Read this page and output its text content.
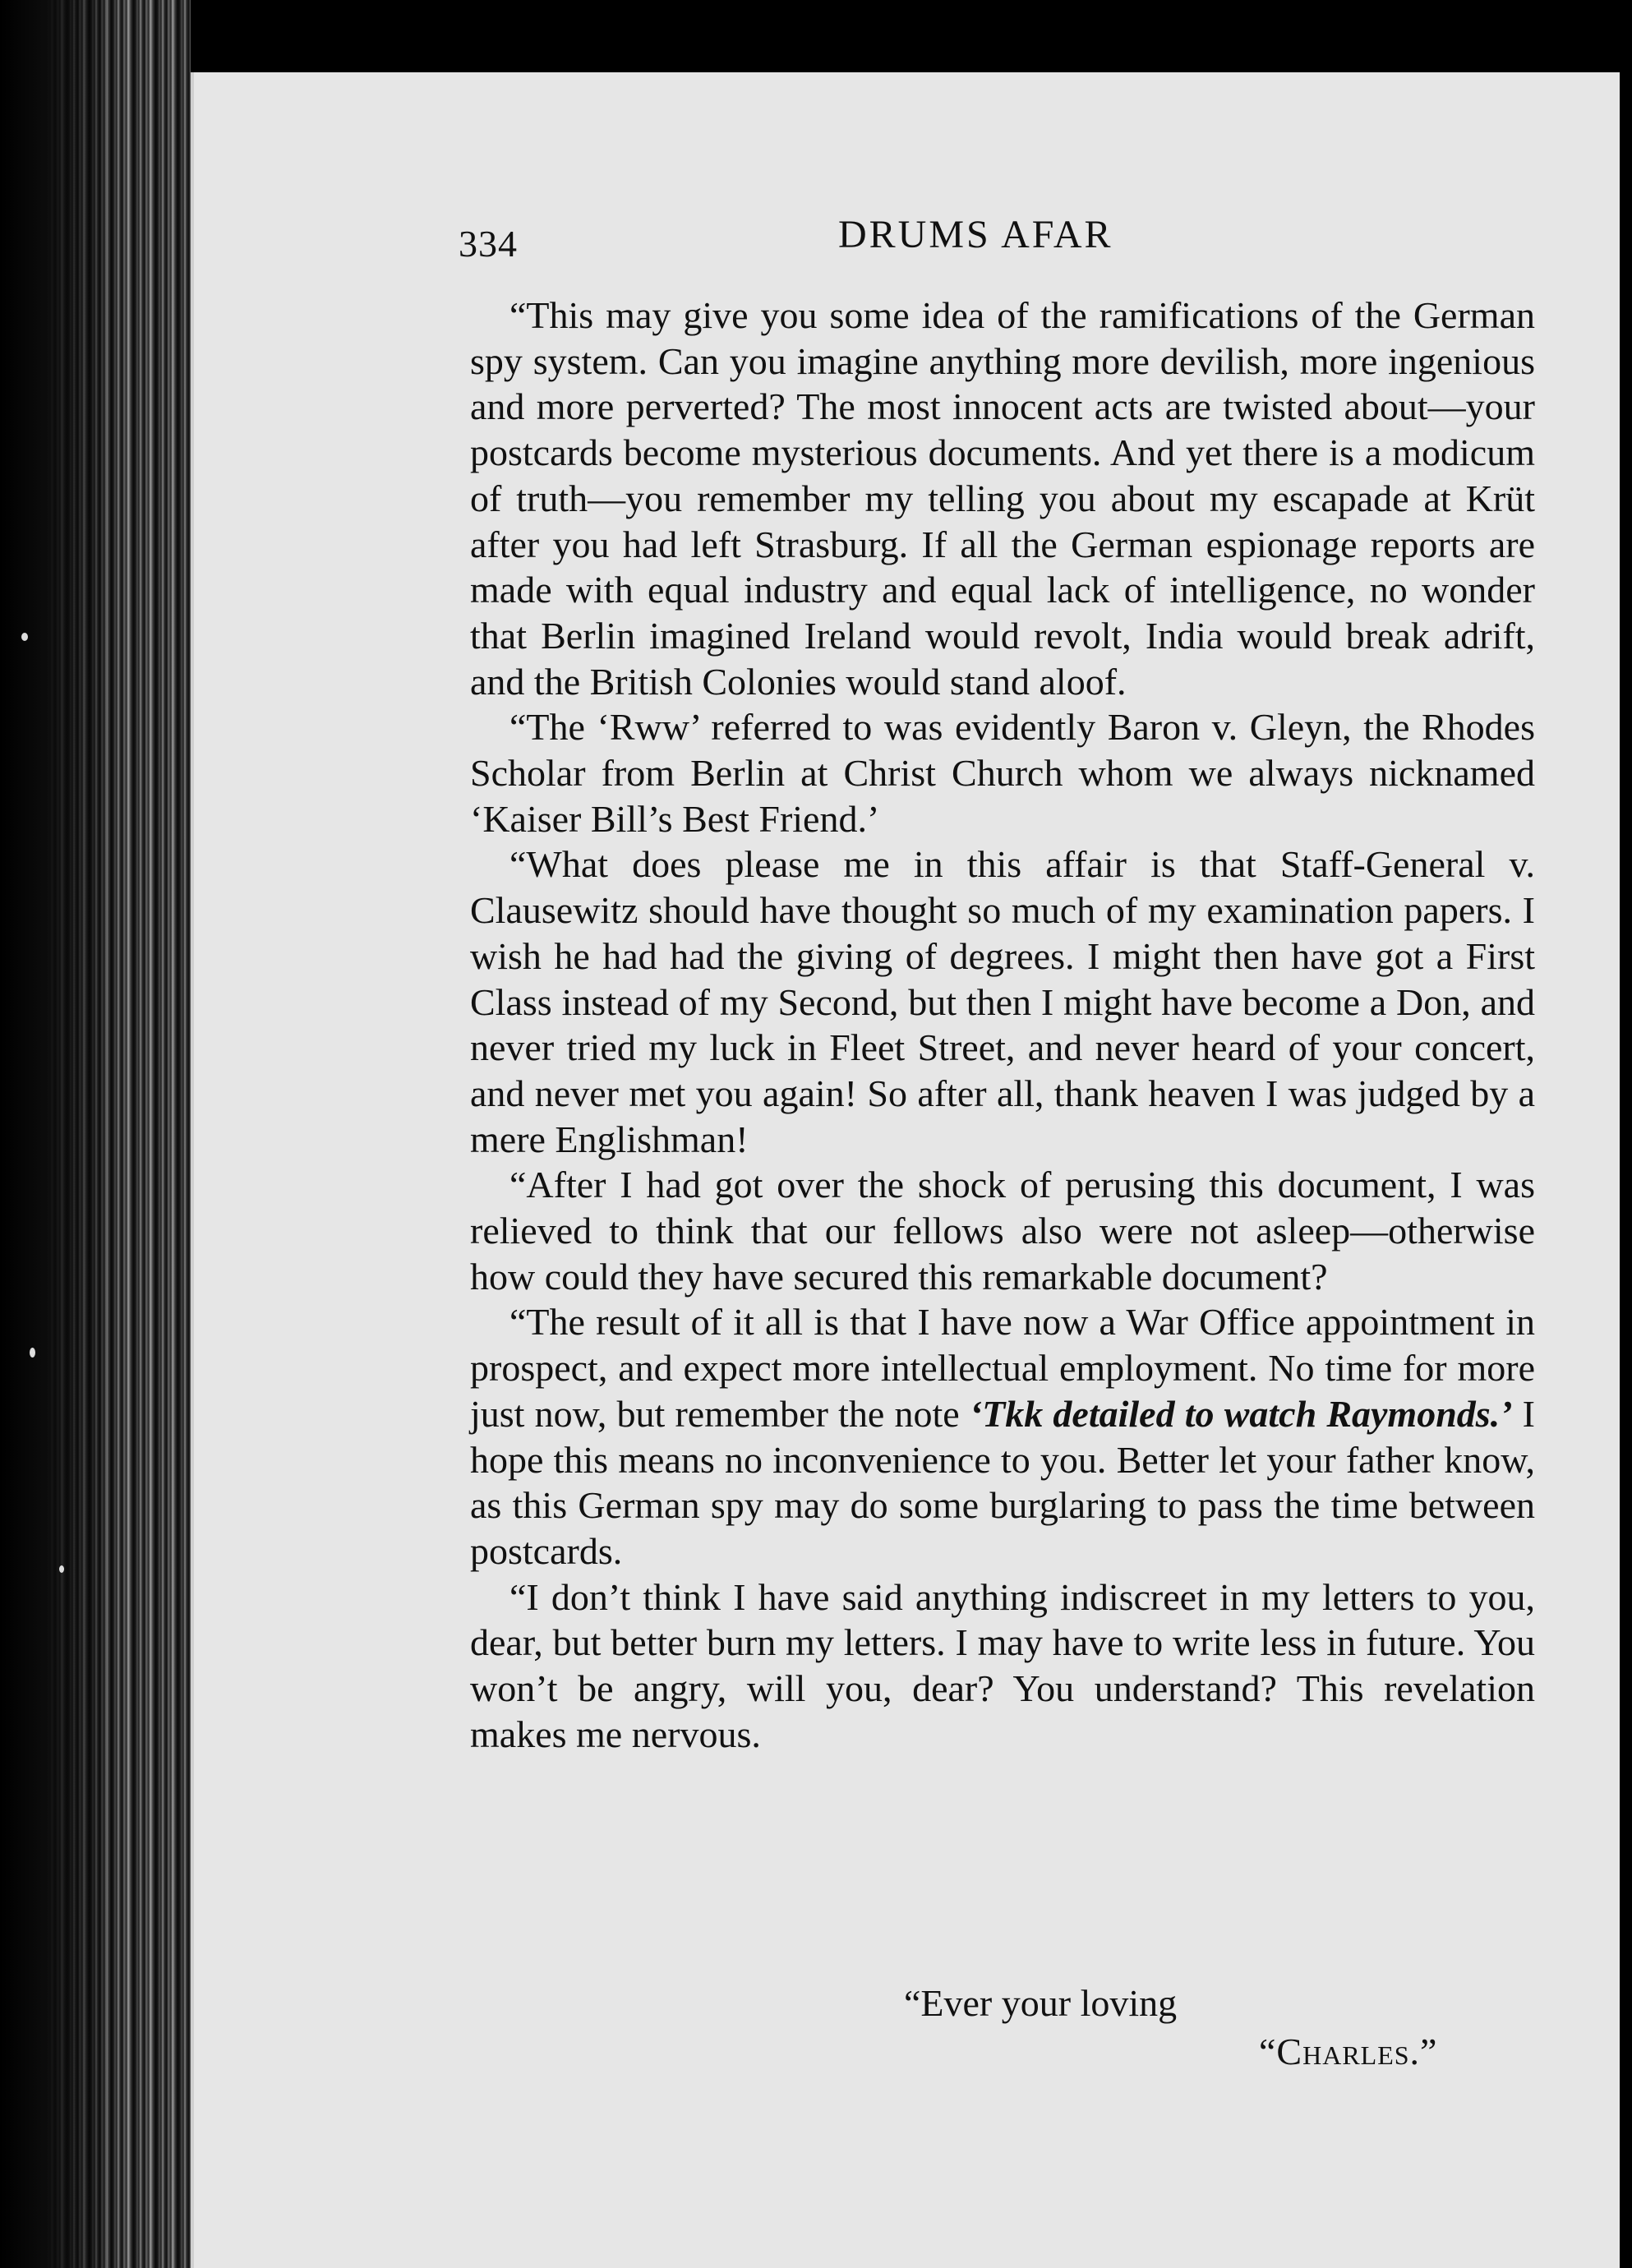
334	DRUMS AFAR

“This may give you some idea of the ramifications of the German spy system. Can you imagine anything more devilish, more ingenious and more perverted? The most innocent acts are twisted about—your postcards become mysterious documents. And yet there is a modicum of truth—you remember my telling you about my escapade at Krüt after you had left Strasburg. If all the German espionage reports are made with equal industry and equal lack of intelligence, no wonder that Berlin imagined Ireland would revolt, India would break adrift, and the British Colonies would stand aloof.

“The ‘Rww’ referred to was evidently Baron v. Gleyn, the Rhodes Scholar from Berlin at Christ Church whom we always nicknamed ‘Kaiser Bill’s Best Friend.’

“What does please me in this affair is that Staff-General v. Clausewitz should have thought so much of my examination papers. I wish he had had the giving of degrees. I might then have got a First Class instead of my Second, but then I might have become a Don, and never tried my luck in Fleet Street, and never heard of your concert, and never met you again! So after all, thank heaven I was judged by a mere Englishman!

“After I had got over the shock of perusing this document, I was relieved to think that our fellows also were not asleep—otherwise how could they have secured this remarkable document?

“The result of it all is that I have now a War Office appointment in prospect, and expect more intellectual employment. No time for more just now, but remember the note ‘Tkk detailed to watch Raymonds.’ I hope this means no inconvenience to you. Better let your father know, as this German spy may do some burglaring to pass the time between postcards.

“I don’t think I have said anything indiscreet in my letters to you, dear, but better burn my letters. I may have to write less in future. You won’t be angry, will you, dear? You understand? This revelation makes me nervous.

“Ever your loving
“Charles.”
